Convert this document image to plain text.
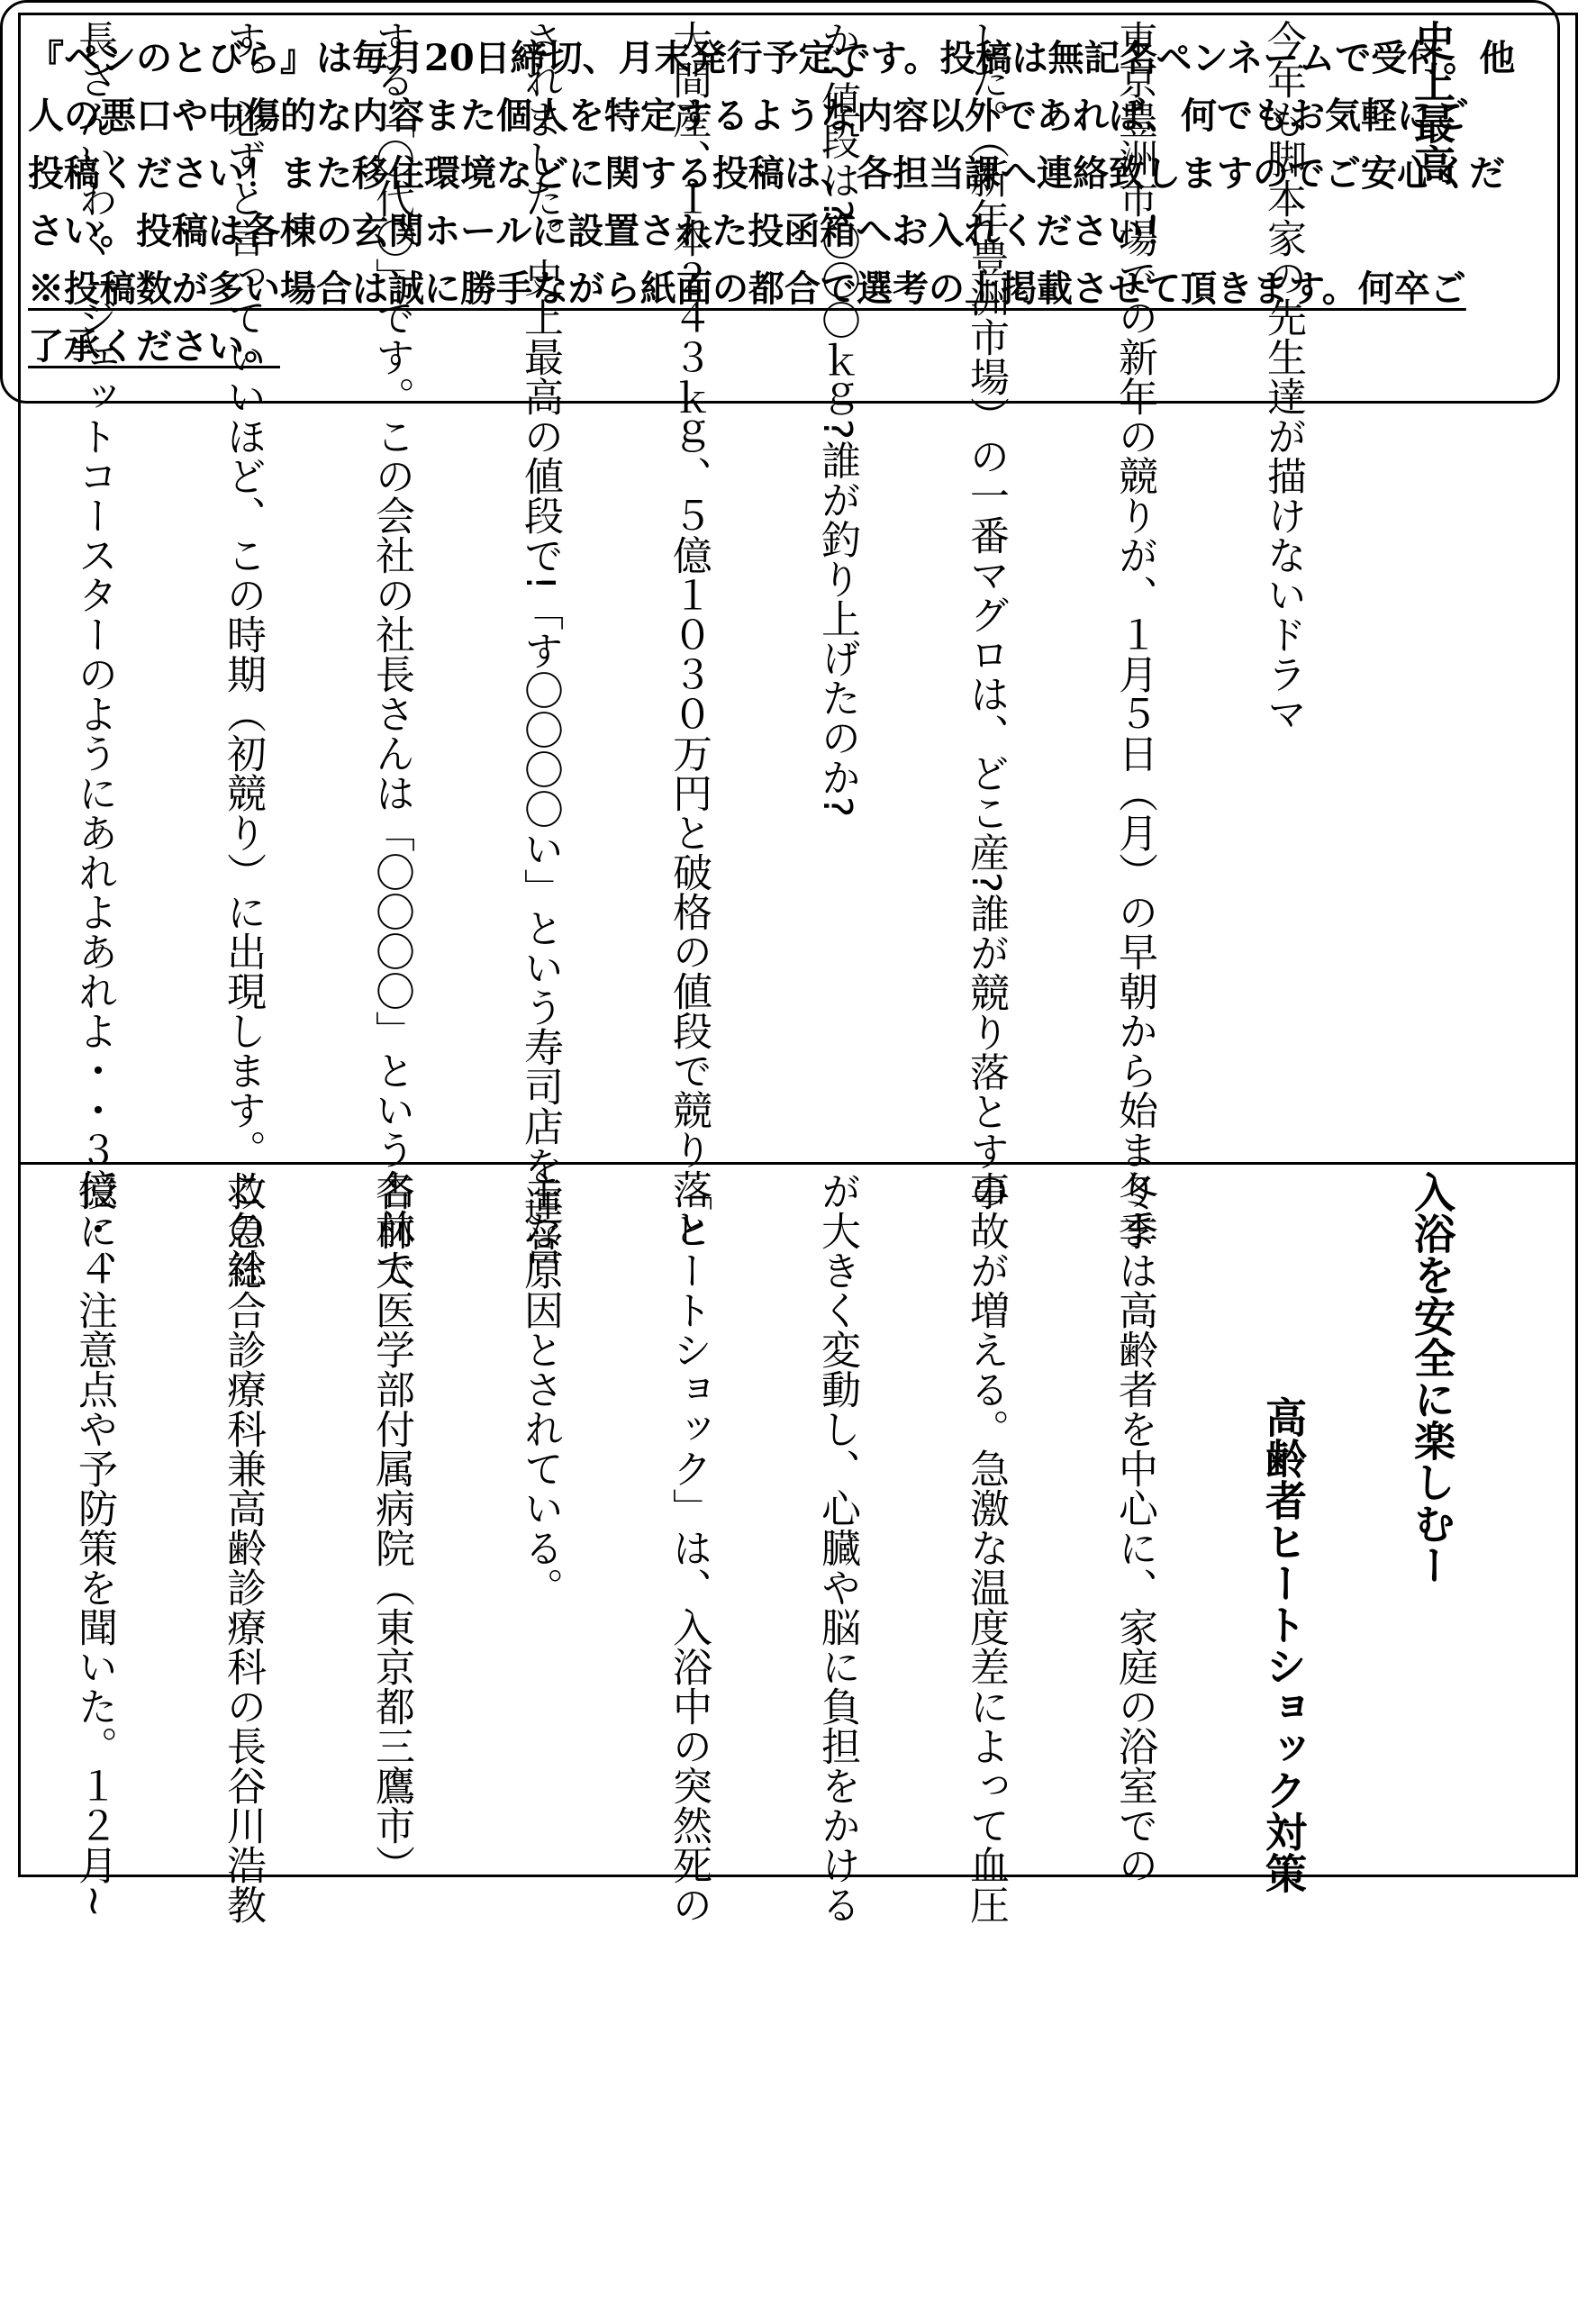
史上最高

今年も脚本家の先生達が描けないドラマ

東京豊洲市場での新年の競りが、１月５日（月）の早朝から始まりま

した。（新年豊洲市場）の一番マグロは、どこ産?誰が競り落とすの

か?値段は?〇〇〇ｋｇ?誰が釣り上げたのか?

大間産、１本２４３ｋｇ、５億１０３０万円と破格の値段で競り落と

されました。史上最高の値段で!「す〇〇〇〇い」という寿司店を運営

する「〇代〇」です。この会社の社長さんは「〇〇〇〇」という名前で

す。必ずと言っていいほど、この時期（初競り）に出現します。この社

長さんいわく「ジェットコースターのようにあれよあれよ・・３億・４

入浴を安全に楽しむー

高齢者ヒートショック対策

冬季は高齢者を中心に、家庭の浴室での

事故が増える。急激な温度差によって血圧

が大きく変動し、心臓や脳に負担をかける

「ヒートショック」は、入浴中の突然死の

主な原因とされている。

杏林大医学部付属病院（東京都三鷹市）

救急総合診療科兼高齢診療科の長谷川浩教

授に、注意点や予防策を聞いた。１２月~

『ペンのとびら』は毎月20日締切、月末発行予定です。投稿は無記名ペンネームで受付。他

人の悪口や中傷的な内容また個人を特定するような内容以外であれば、何でもお気軽にご

投稿ください！また移住環境などに関する投稿は、各担当課へ連絡致しますのでご安心くだ

さい。投稿は各棟の玄関ホールに設置された投函箱へお入れください！

※投稿数が多い場合は誠に勝手ながら紙面の都合で選考の上掲載させて頂きます。何卒ご

了承ください。
